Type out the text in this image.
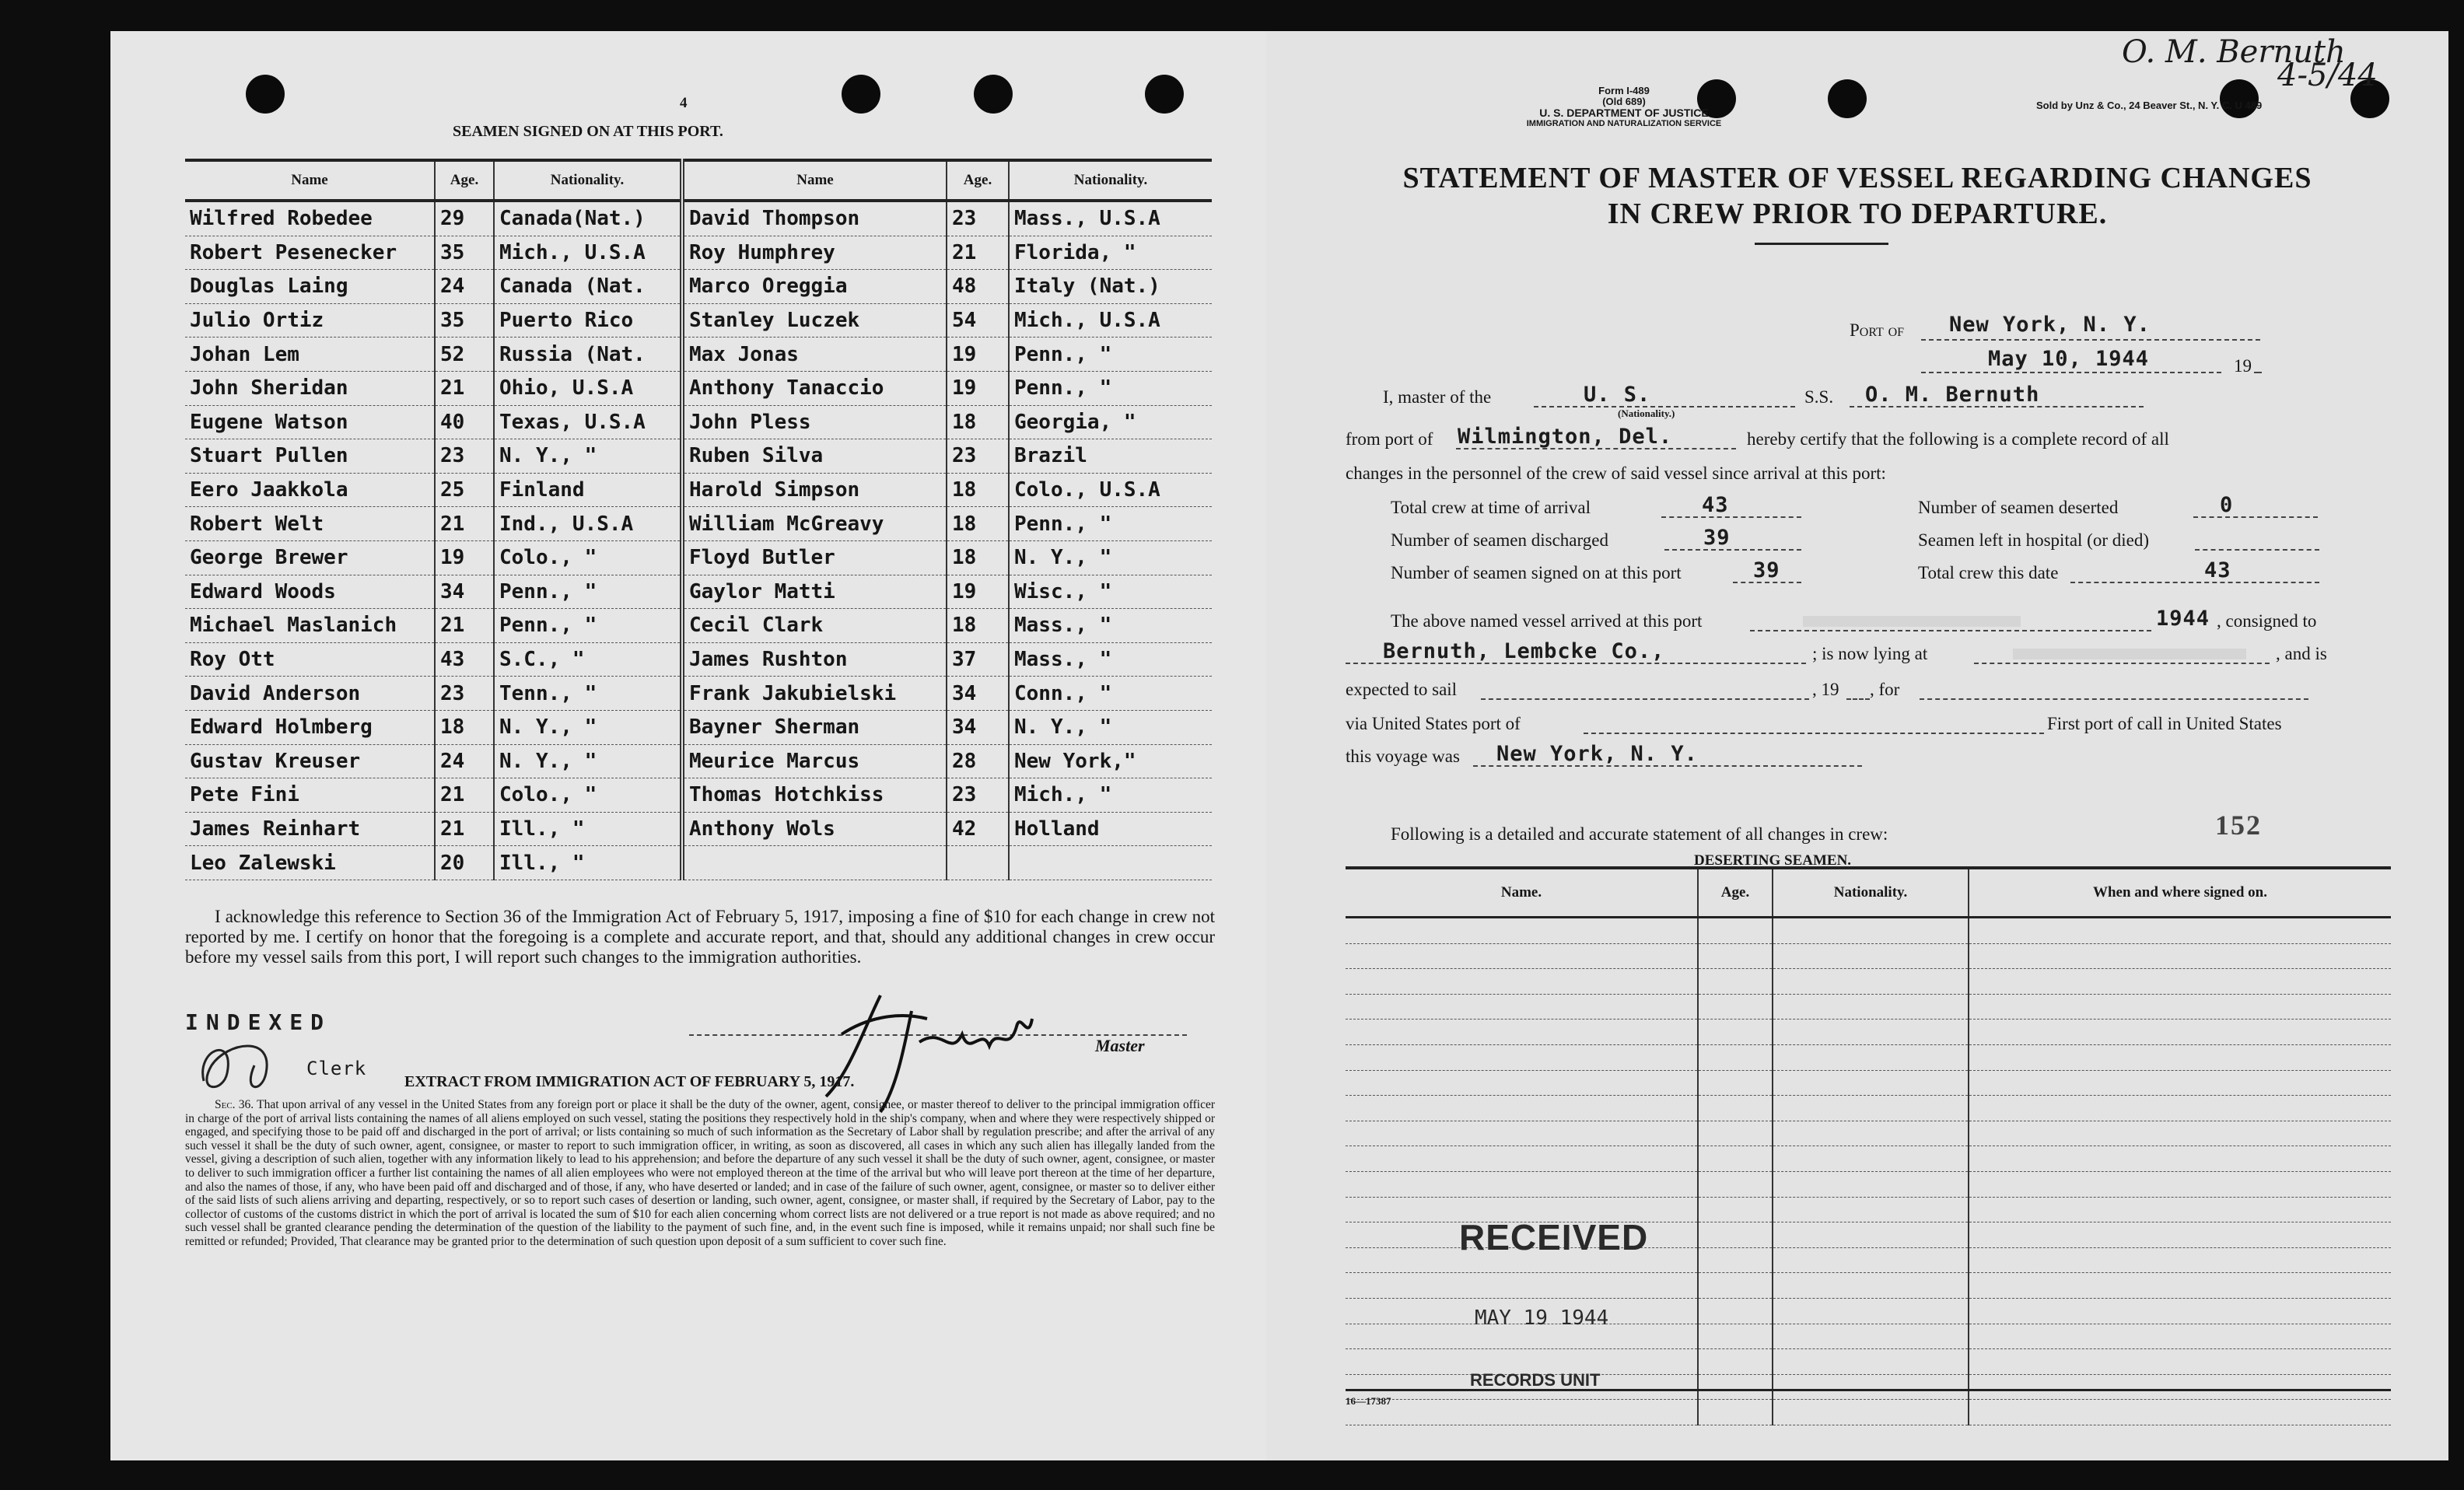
4
SEAMEN SIGNED ON AT THIS PORT.
Name	Age.	Nationality.	Name	Age.	Nationality.
Wilfred Robedee	29	Canada(Nat.)	David Thompson	23	Mass., U.S.A
Robert Pesenecker	35	Mich., U.S.A	Roy Humphrey	21	Florida, "
Douglas Laing	24	Canada (Nat.	Marco Oreggia	48	Italy (Nat.)
Julio Ortiz	35	Puerto Rico	Stanley Luczek	54	Mich., U.S.A
Johan Lem	52	Russia (Nat.	Max Jonas	19	Penn., "
John Sheridan	21	Ohio, U.S.A	Anthony Tanaccio	19	Penn., "
Eugene Watson	40	Texas, U.S.A	John Pless	18	Georgia, "
Stuart Pullen	23	N. Y., "	Ruben Silva	23	Brazil
Eero Jaakkola	25	Finland	Harold Simpson	18	Colo., U.S.A
Robert Welt	21	Ind., U.S.A	William McGreavy	18	Penn., "
George Brewer	19	Colo., "	Floyd Butler	18	N. Y., "
Edward Woods	34	Penn., "	Gaylor Matti	19	Wisc., "
Michael Maslanich	21	Penn., "	Cecil Clark	18	Mass., "
Roy Ott	43	S.C., "	James Rushton	37	Mass., "
David Anderson	23	Tenn., "	Frank Jakubielski	34	Conn., "
Edward Holmberg	18	N. Y., "	Bayner Sherman	34	N. Y., "
Gustav Kreuser	24	N. Y., "	Meurice Marcus	28	New York,"
Pete Fini	21	Colo., "	Thomas Hotchkiss	23	Mich., "
James Reinhart	21	Ill., "	Anthony Wols	42	Holland
Leo Zalewski	20	Ill., "			
I acknowledge this reference to Section 36 of the Immigration Act of February 5, 1917, imposing a fine of $10 for each change in crew not reported by me. I certify on honor that the foregoing is a complete and accurate report, and that, should any additional changes in crew occur before my vessel sails from this port, I will report such changes to the immigration authorities.
INDEXED
Clerk
Master
EXTRACT FROM IMMIGRATION ACT OF FEBRUARY 5, 1917.
Sec. 36. That upon arrival of any vessel in the United States from any foreign port or place it shall be the duty of the owner, agent, consignee, or master thereof to deliver to the principal immigration officer in charge of the port of arrival lists containing the names of all aliens employed on such vessel, stating the positions they respectively hold in the ship's company, when and where they were respectively shipped or engaged, and specifying those to be paid off and discharged in the port of arrival; or lists containing so much of such information as the Secretary of Labor shall by regulation prescribe; and after the arrival of any such vessel it shall be the duty of such owner, agent, consignee, or master to report to such immigration officer, in writing, as soon as discovered, all cases in which any such alien has illegally landed from the vessel, giving a description of such alien, together with any information likely to lead to his apprehension; and before the departure of any such vessel it shall be the duty of such owner, agent, consignee, or master to deliver to such immigration officer a further list containing the names of all alien employees who were not employed thereon at the time of the arrival but who will leave port thereon at the time of her departure, and also the names of those, if any, who have been paid off and discharged and of those, if any, who have deserted or landed; and in case of the failure of such owner, agent, consignee, or master so to deliver either of the said lists of such aliens arriving and departing, respectively, or so to report such cases of desertion or landing, such owner, agent, consignee, or master shall, if required by the Secretary of Labor, pay to the collector of customs of the customs district in which the port of arrival is located the sum of $10 for each alien concerning whom correct lists are not delivered or a true report is not made as above required; and no such vessel shall be granted clearance pending the determination of the question of the liability to the payment of such fine, and, in the event such fine is imposed, while it remains unpaid; nor shall such fine be remitted or refunded; Provided, That clearance may be granted prior to the determination of such question upon deposit of a sum sufficient to cover such fine.
O. M. Bernuth
4-5/44
Form I-489
(Old 689)
U. S. DEPARTMENT OF JUSTICE
IMMIGRATION AND NATURALIZATION SERVICE
Sold by Unz & Co., 24 Beaver St., N. Y. C. U 489
STATEMENT OF MASTER OF VESSEL REGARDING CHANGES
IN CREW PRIOR TO DEPARTURE.
Port of New York, N. Y.
May 10, 1944	19
I, master of the	U. S.
(Nationality.)
S.S. O. M. Bernuth
from port of Wilmington, Del.	hereby certify that the following is a complete record of all
changes in the personnel of the crew of said vessel since arrival at this port:
Total crew at time of arrival	43	Number of seamen deserted	0
Number of seamen discharged	39	Seamen left in hospital (or died)
Number of seamen signed on at this port	39	Total crew this date	43
The above named vessel arrived at this port	1944 , consigned to
Bernuth, Lembcke Co.,	; is now lying at	, and is
expected to sail	, 19 , for
via United States port of	First port of call in United States
this voyage was New York, N. Y.
152
Following is a detailed and accurate statement of all changes in crew:
DESERTING SEAMEN.
Name.	Age.	Nationality.	When and where signed on.

RECEIVED
MAY 19 1944
RECORDS UNIT
16—17387
